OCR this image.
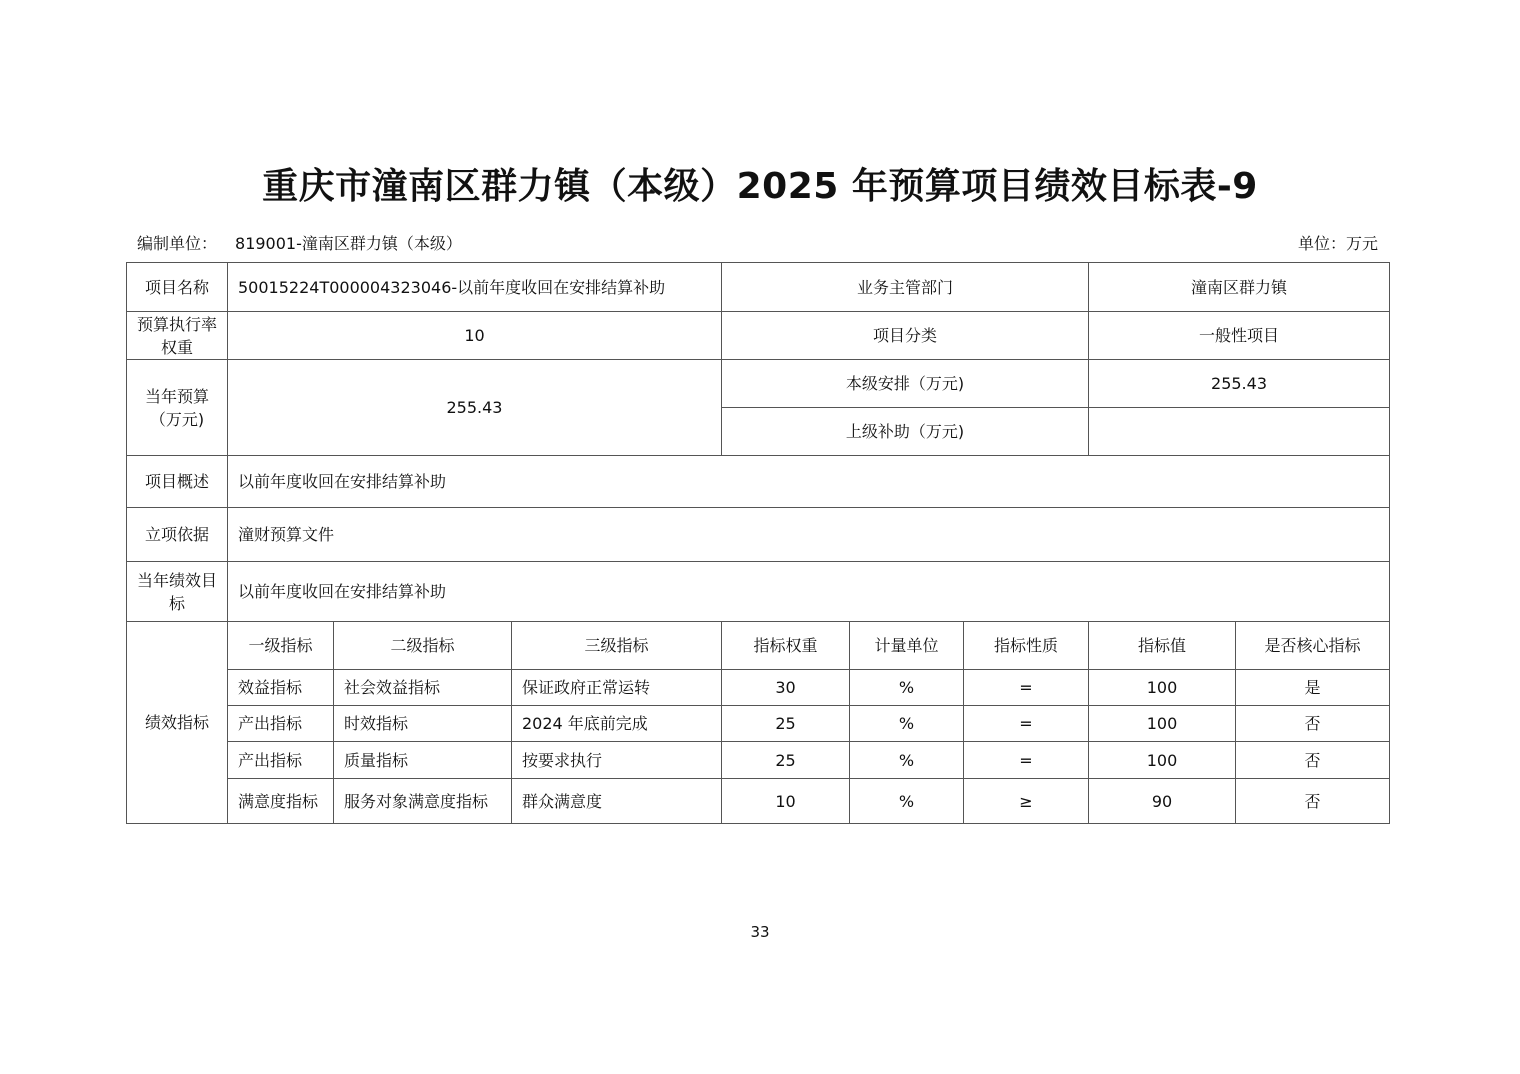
重庆市潼南区群力镇（本级）2025 年预算项目绩效目标表-9
编制单位： 819001-潼南区群力镇（本级）	单位：万元
项目名称	50015224T000004323046-以前年度收回在安排结算补助			业务主管部门			潼南区群力镇	
预算执行率权重	10			项目分类			一般性项目	
当年预算（万元)	255.43			本级安排（万元)			255.43	
				上级补助（万元)				
项目概述	以前年度收回在安排结算补助							
立项依据	潼财预算文件							
当年绩效目标	以前年度收回在安排结算补助							
绩效指标	一级指标	二级指标	三级指标	指标权重	计量单位	指标性质	指标值	是否核心指标
	效益指标	社会效益指标	保证政府正常运转	30	%	=	100	是
	产出指标	时效指标	2024 年底前完成	25	%	=	100	否
	产出指标	质量指标	按要求执行	25	%	=	100	否
	满意度指标	服务对象满意度指标	群众满意度	10	%	≥	90	否
33
